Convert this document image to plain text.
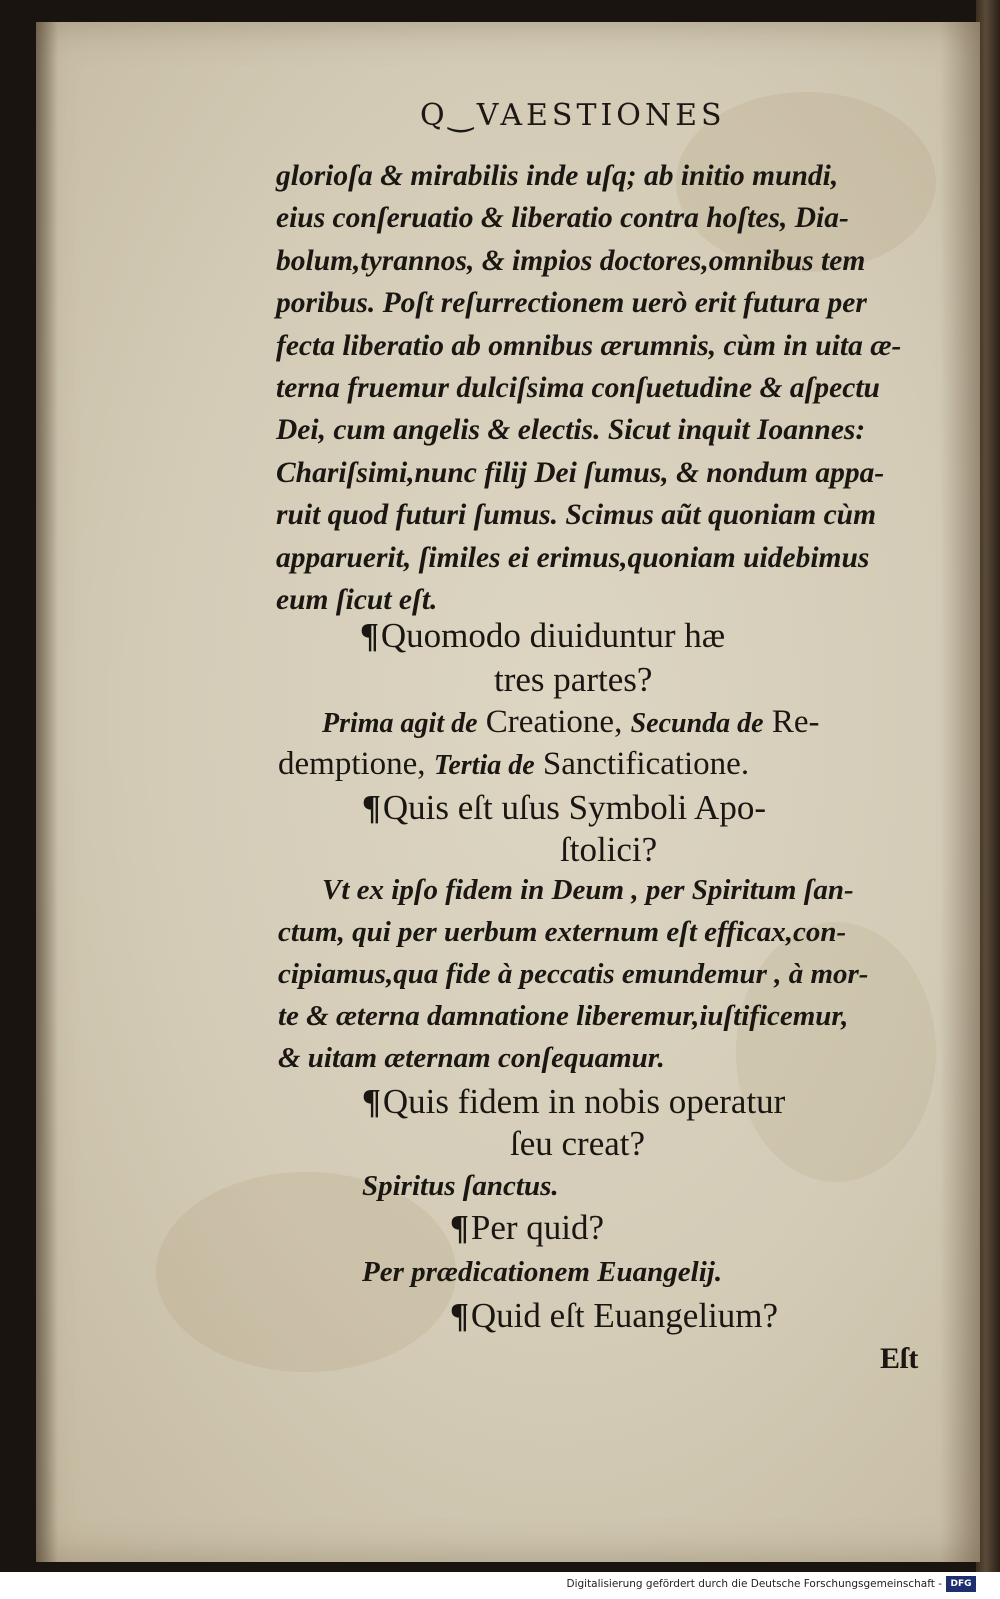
Q‿VAESTIONES
glorioſa & mirabilis inde uſq; ab initio mundi,
eius conſeruatio & liberatio contra hoſtes, Dia-
bolum,tyrannos, & impios doctores,omnibus tem
poribus. Poſt reſurrectionem uerò erit futura per
fecta liberatio ab omnibus ærumnis, cùm in uita æ-
terna fruemur dulciſsima conſuetudine & aſpectu
Dei, cum angelis & electis. Sicut inquit Ioannes:
Chariſsimi,nunc filij Dei ſumus, & nondum appa-
ruit quod futuri ſumus. Scimus aũt quoniam cùm
apparuerit, ſimiles ei erimus,quoniam uidebimus
eum ſicut eſt.
¶Quomodo diuiduntur hæ
tres partes?
Prima agit de Creatione, Secunda de Re-
demptione, Tertia de Sanctificatione.
¶Quis eſt uſus Symboli Apo-
ſtolici?
Vt ex ipſo fidem in Deum , per Spiritum ſan-
ctum, qui per uerbum externum eſt efficax,con-
cipiamus,qua fide à peccatis emundemur , à mor-
te & æterna damnatione liberemur,iuſtificemur,
& uitam æternam conſequamur.
¶Quis fidem in nobis operatur
ſeu creat?
Spiritus ſanctus.
¶Per quid?
Per prædicationem Euangelij.
¶Quid eſt Euangelium?
Eſt
Digitalisierung gefördert durch die Deutsche Forschungsgemeinschaft - DFG
